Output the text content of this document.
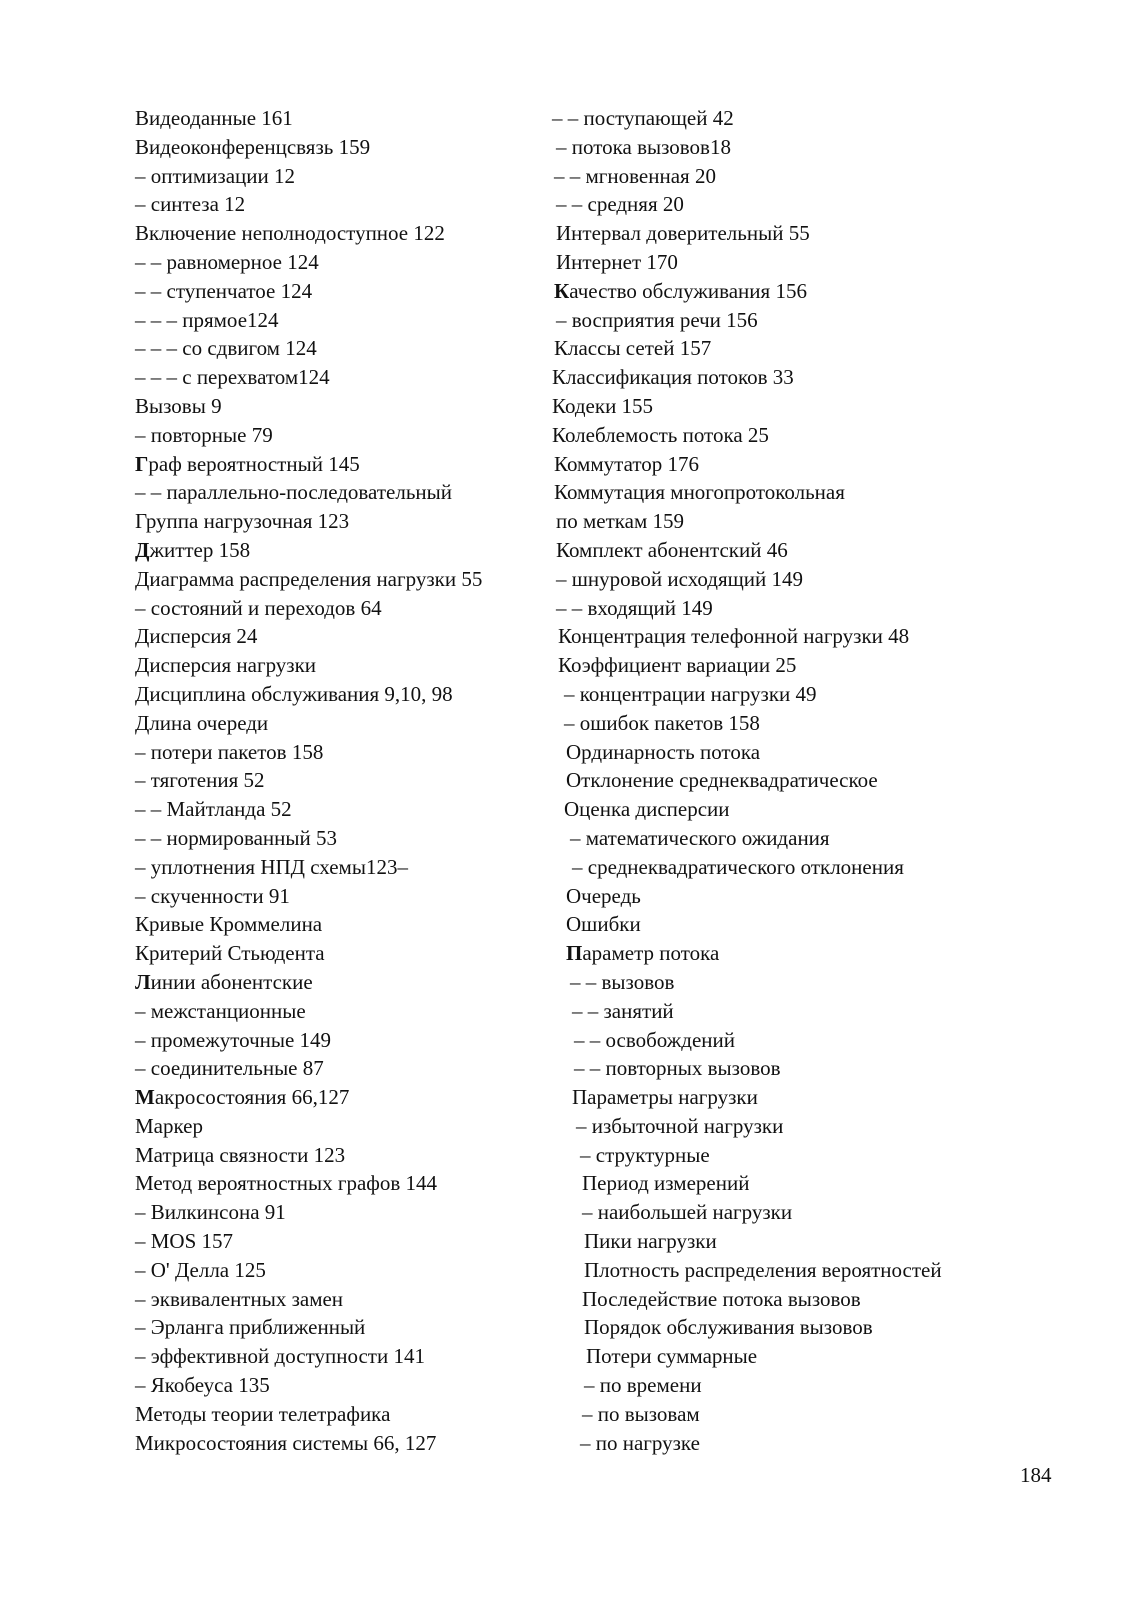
Видеоданные 161
Видеоконференцсвязь 159
– оптимизации 12
– синтеза 12
Включение неполнодоступное 122
– – равномерное 124
– – ступенчатое 124
– – – прямое124
– – – со сдвигом 124
– – – с перехватом124
Вызовы 9
– повторные 79
Граф вероятностный 145
– – параллельно-последовательный
Группа нагрузочная 123
Джиттер 158
Диаграмма распределения нагрузки 55
– состояний и переходов 64
Дисперсия 24
Дисперсия нагрузки
Дисциплина обслуживания 9,10, 98
Длина очереди
– потери пакетов 158
– тяготения 52
– – Майтланда 52
– – нормированный 53
– уплотнения НПД схемы123–
– скученности 91
Кривые Кроммелина
Критерий Стьюдента
Линии абонентские
– межстанционные
– промежуточные 149
– соединительные 87
Макросостояния 66,127
Маркер
Матрица связности 123
Метод вероятностных графов 144
– Вилкинсона 91
– MOS 157
– O' Делла 125
– эквивалентных замен
– Эрланга приближенный
– эффективной доступности 141
– Якобеуса 135
Методы теории телетрафика
Микросостояния системы 66, 127
– – поступающей 42
– потока вызовов18
– – мгновенная 20
– – средняя 20
Интервал доверительный 55
Интернет 170
Качество обслуживания 156
– восприятия речи 156
Классы сетей 157
Классификация потоков 33
Кодеки 155
Колеблемость потока 25
Коммутатор 176
Коммутация многопротокольная
по меткам 159
Комплект абонентский 46
– шнуровой исходящий 149
– – входящий 149
Концентрация телефонной нагрузки 48
Коэффициент вариации 25
– концентрации нагрузки 49
– ошибок пакетов 158
Ординарность потока
Отклонение среднеквадратическое
Оценка дисперсии
– математического ожидания
– среднеквадратического отклонения
Очередь
Ошибки
Параметр потока
– – вызовов
– – занятий
– – освобождений
– – повторных вызовов
Параметры нагрузки
– избыточной нагрузки
– структурные
Период измерений
– наибольшей нагрузки
Пики нагрузки
Плотность распределения вероятностей
Последействие потока вызовов
Порядок обслуживания вызовов
Потери суммарные
– по времени
– по вызовам
– по нагрузке
184
